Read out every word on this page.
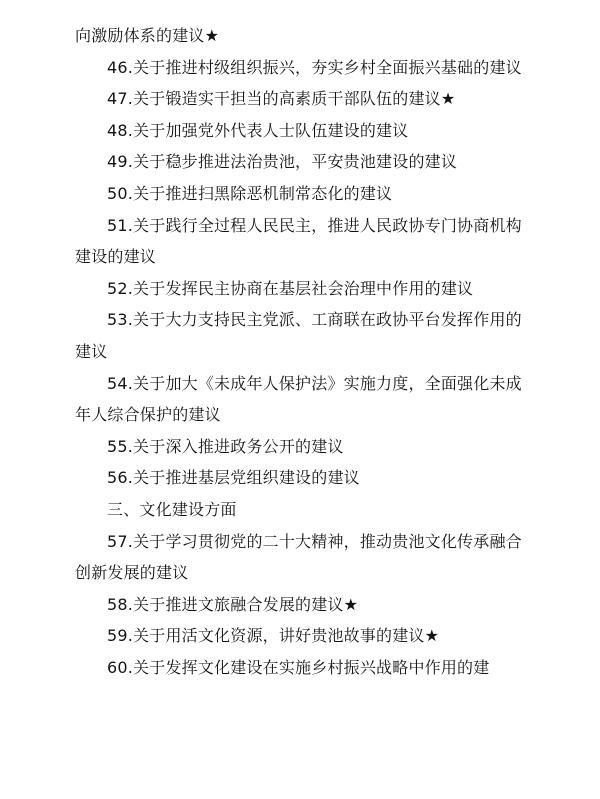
向激励体系的建议★

46.关于推进村级组织振兴，夯实乡村全面振兴基础的建议

47.关于锻造实干担当的高素质干部队伍的建议★

48.关于加强党外代表人士队伍建设的建议

49.关于稳步推进法治贵池，平安贵池建设的建议

50.关于推进扫黑除恶机制常态化的建议

51.关于践行全过程人民民主，推进人民政协专门协商机构建设的建议

52.关于发挥民主协商在基层社会治理中作用的建议

53.关于大力支持民主党派、工商联在政协平台发挥作用的建议

54.关于加大《未成年人保护法》实施力度，全面强化未成年人综合保护的建议

55.关于深入推进政务公开的建议

56.关于推进基层党组织建设的建议

三、文化建设方面

57.关于学习贯彻党的二十大精神，推动贵池文化传承融合创新发展的建议

58.关于推进文旅融合发展的建议★

59.关于用活文化资源，讲好贵池故事的建议★

60.关于发挥文化建设在实施乡村振兴战略中作用的建
